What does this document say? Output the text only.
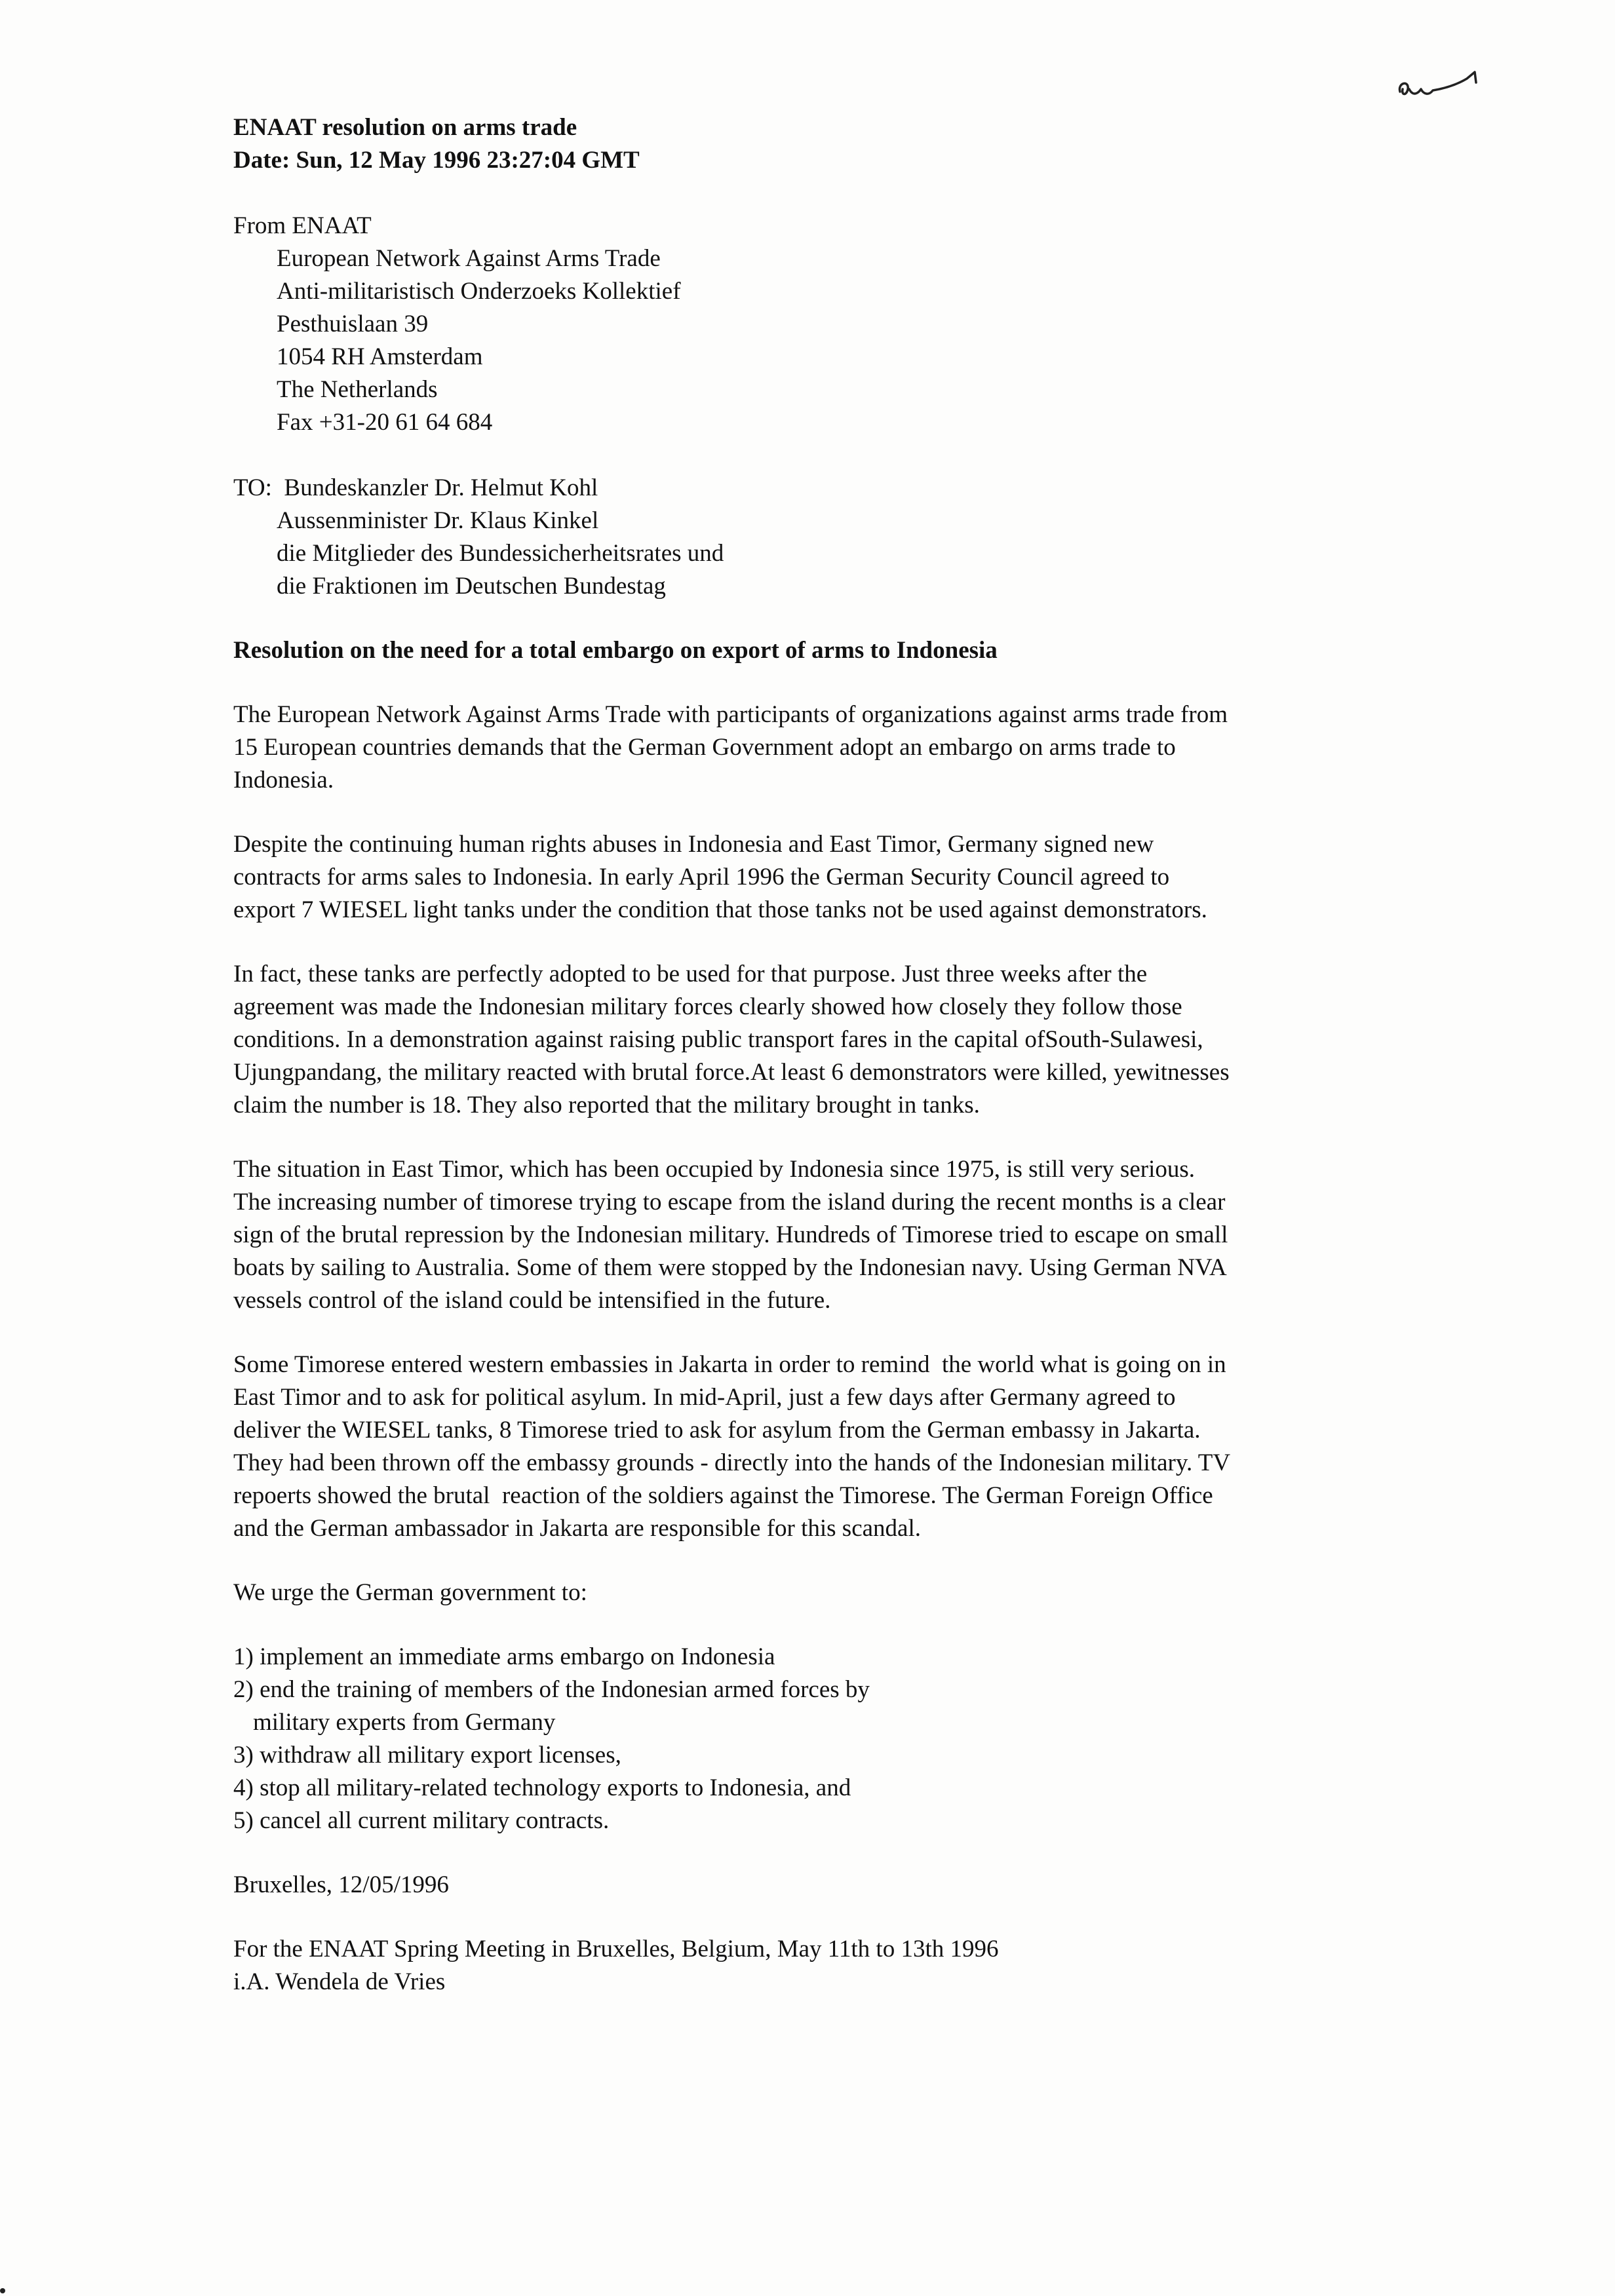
ENAAT resolution on arms trade
Date: Sun, 12 May 1996 23:27:04 GMT
From ENAAT
European Network Against Arms Trade
Anti-militaristisch Onderzoeks Kollektief
Pesthuislaan 39
1054 RH Amsterdam
The Netherlands
Fax +31-20 61 64 684
TO:  Bundeskanzler Dr. Helmut Kohl
Aussenminister Dr. Klaus Kinkel
die Mitglieder des Bundessicherheitsrates und
die Fraktionen im Deutschen Bundestag
Resolution on the need for a total embargo on export of arms to Indonesia

The European Network Against Arms Trade with participants of organizations against arms trade from
15 European countries demands that the German Government adopt an embargo on arms trade to
Indonesia.

Despite the continuing human rights abuses in Indonesia and East Timor, Germany signed new
contracts for arms sales to Indonesia. In early April 1996 the German Security Council agreed to
export 7 WIESEL light tanks under the condition that those tanks not be used against demonstrators.

In fact, these tanks are perfectly adopted to be used for that purpose. Just three weeks after the
agreement was made the Indonesian military forces clearly showed how closely they follow those
conditions. In a demonstration against raising public transport fares in the capital ofSouth-Sulawesi,
Ujungpandang, the military reacted with brutal force.At least 6 demonstrators were killed, yewitnesses
claim the number is 18. They also reported that the military brought in tanks.

The situation in East Timor, which has been occupied by Indonesia since 1975, is still very serious.
The increasing number of timorese trying to escape from the island during the recent months is a clear
sign of the brutal repression by the Indonesian military. Hundreds of Timorese tried to escape on small
boats by sailing to Australia. Some of them were stopped by the Indonesian navy. Using German NVA
vessels control of the island could be intensified in the future.

Some Timorese entered western embassies in Jakarta in order to remind  the world what is going on in
East Timor and to ask for political asylum. In mid-April, just a few days after Germany agreed to
deliver the WIESEL tanks, 8 Timorese tried to ask for asylum from the German embassy in Jakarta.
They had been thrown off the embassy grounds - directly into the hands of the Indonesian military. TV
repoerts showed the brutal  reaction of the soldiers against the Timorese. The German Foreign Office
and the German ambassador in Jakarta are responsible for this scandal.

We urge the German government to:
1) implement an immediate arms embargo on Indonesia
2) end the training of members of the Indonesian armed forces by
military experts from Germany
3) withdraw all military export licenses,
4) stop all military-related technology exports to Indonesia, and
5) cancel all current military contracts.
Bruxelles, 12/05/1996
For the ENAAT Spring Meeting in Bruxelles, Belgium, May 11th to 13th 1996
i.A. Wendela de Vries
